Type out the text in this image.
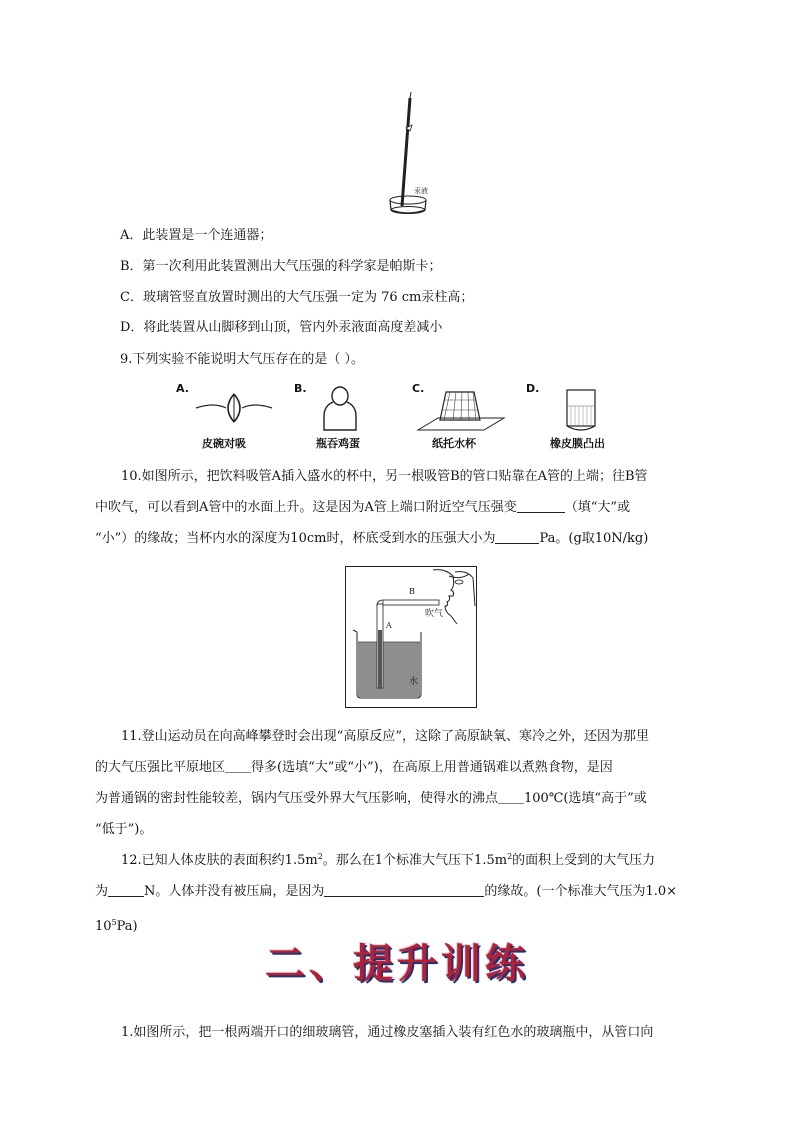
汞液
A．此装置是一个连通器；
B．第一次利用此装置测出大气压强的科学家是帕斯卡；
C．玻璃管竖直放置时测出的大气压强一定为 76 cm汞柱高；
D．将此装置从山脚移到山顶，管内外汞液面高度差减小
9.下列实验不能说明大气压存在的是（ ）。
A.
皮碗对吸
B.
瓶吞鸡蛋
C.
纸托水杯
D.
橡皮膜凸出
10.如图所示，把饮料吸管A插入盛水的杯中，另一根吸管B的管口贴靠在A管的上端；往B管
中吹气，可以看到A管中的水面上升。这是因为A管上端口附近空气压强变	（填“大”或
“小”）的缘故；当杯内水的深度为10cm时，杯底受到水的压强大小为	Pa。(g取10N/kg)
B
吹气
A
水
11.登山运动员在向高峰攀登时会出现“高原反应”，这除了高原缺氧、寒冷之外，还因为那里
的大气压强比平原地区＿＿得多(选填“大”或“小”)，在高原上用普通锅难以煮熟食物，是因
为普通锅的密封性能较差，锅内气压受外界大气压影响，使得水的沸点＿＿100℃(选填“高于”或
“低于”)。
12.已知人体皮肤的表面积约$1.5m^2$。那么在1个标准大气压下$1.5m^2$的面积上受到的大气压力
为	N。人体并没有被压扁，是因为	的缘故。(一个标准大气压为1.0×
$10^5Pa$)
二、提升训练
1.如图所示，把一根两端开口的细玻璃管，通过橡皮塞插入装有红色水的玻璃瓶中，从管口向
